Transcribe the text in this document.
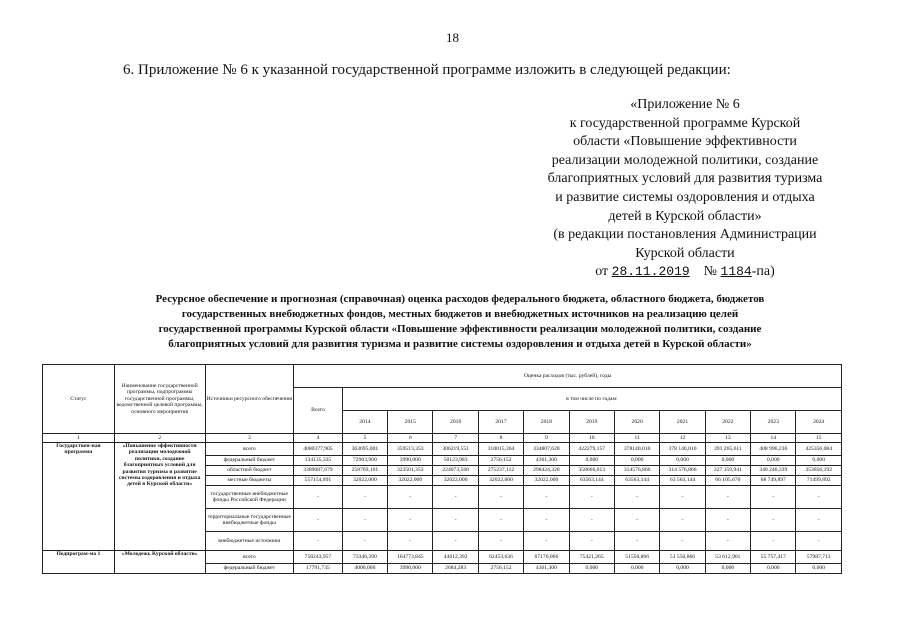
18
6. Приложение № 6 к указанной государственной программе изложить в следующей редакции:
«Приложение № 6
к государственной программе Курской
области «Повышение эффективности
реализации молодежной политики, создание
благоприятных условий для развития туризма
и развитие системы оздоровления и отдыха
детей в Курской области»
(в редакции постановления Администрации
Курской области
от 28.11.2019 № 1184-па)
Ресурсное обеспечение и прогнозная (справочная) оценка расходов федерального бюджета, областного бюджета, бюджетов
государственных внебюджетных фондов, местных бюджетов и внебюджетных источников на реализацию целей
государственной программы Курской области «Повышение эффективности реализации молодежной политики, создание
благоприятных условий для развития туризма и развитие системы оздоровления и отдыха детей в Курской области»
Статус	Наименование государственной программы, подпрограммы государственной программы, ведомственной целевой программы, основного мероприятия	Источники ресурсного обеспечения	Оценка расходов (тыс. рублей), годы											
			Всего	в том числе по годам:										
				2014	2015	2016	2017	2018	2019	2020	2021	2022	2023	2024
1	2	3	4	5	6	7	8	9	10	11	12	13	14	15
Государствен-ная программа	«Повышение эффективности реализации молодежной политики, создание благоприятных условий для развития туризма и развитие системы оздоровления и отдыха детей в Курской области»	всего	4080377,905	363695,001	359513,353	306219,551	310015,364	334807,628	422279,157	378140,010	378 140,010	393 265,611	408 996,236	425356,084
		федеральный бюджет	134135,335	72903,900	3990,000	50123,983	2756,152	4361,300	0,000	0,000	0,000	0,000	0,000	0,000
		областной бюджет	3389087,679	258769,101	323501,353	224073,568	275237,112	298424,328	358666,013	314576,866	314 576,866	327 159,941	340 246,339	353856,192
		местные бюджеты	557154,891	32022,000	32022,000	32022,000	32022,000	32022,000	63563,144	63563,144	63 563,144	66 105,670	68 749,897	71499,892
		государственные внебюджетные фонды Российской Федерации	-	-	-	-	-	-	-	-	-	-	-	-
		территориальные государственные внебюджетные фонды	-	-	-	-	-	-	-	-	-	-	-	-
		внебюджетные источники	-	-	-	-	-	-	-	-	-	-	-	-
Подпрограм-ма 1	«Молодежь Курской области»	всего	758243,957	73346,390	164773,845	44612,392	62453,636	67176,066	75421,265	51550,866	51 550,866	53 612,901	55 757,417	57987,713
		федеральный бюджет	17791,735	4000,000	3990,000	2684,283	2756,152	4361,300	0,000	0,000	0,000	0,000	0,000	0,000
